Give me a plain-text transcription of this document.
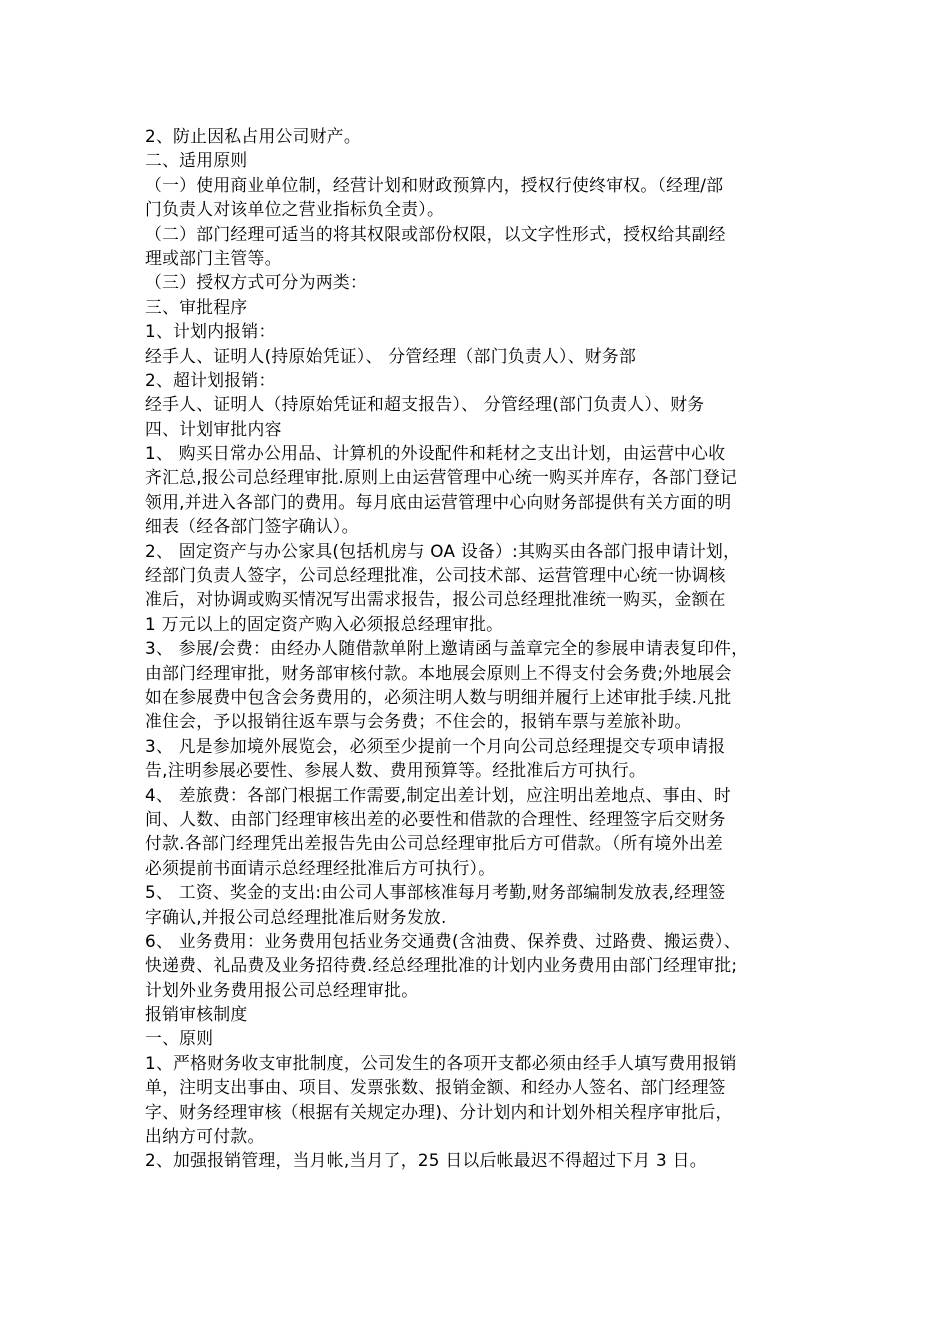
2、防止因私占用公司财产。
二、适用原则
（一）使用商业单位制，经营计划和财政预算内，授权行使终审权。（经理/部
门负责人对该单位之营业指标负全责）。
（二）部门经理可适当的将其权限或部份权限，以文字性形式，授权给其副经
理或部门主管等。
（三）授权方式可分为两类：
三、审批程序
1、计划内报销：
经手人、证明人(持原始凭证）、 分管经理（部门负责人）、财务部
2、超计划报销：
经手人、证明人（持原始凭证和超支报告）、 分管经理(部门负责人）、财务
四、计划审批内容
1、 购买日常办公用品、计算机的外设配件和耗材之支出计划，由运营中心收
齐汇总,报公司总经理审批.原则上由运营管理中心统一购买并库存，各部门登记
领用,并进入各部门的费用。每月底由运营管理中心向财务部提供有关方面的明
细表（经各部门签字确认）。
2、 固定资产与办公家具(包括机房与 OA 设备）:其购买由各部门报申请计划，
经部门负责人签字，公司总经理批准，公司技术部、运营管理中心统一协调核
准后，对协调或购买情况写出需求报告，报公司总经理批准统一购买，金额在
1 万元以上的固定资产购入必须报总经理审批。
3、 参展/会费：由经办人随借款单附上邀请函与盖章完全的参展申请表复印件，
由部门经理审批，财务部审核付款。本地展会原则上不得支付会务费;外地展会
如在参展费中包含会务费用的，必须注明人数与明细并履行上述审批手续.凡批
准住会，予以报销往返车票与会务费；不住会的，报销车票与差旅补助。
3、 凡是参加境外展览会，必须至少提前一个月向公司总经理提交专项申请报
告,注明参展必要性、参展人数、费用预算等。经批准后方可执行。
4、 差旅费：各部门根据工作需要,制定出差计划，应注明出差地点、事由、时
间、人数、由部门经理审核出差的必要性和借款的合理性、经理签字后交财务
付款.各部门经理凭出差报告先由公司总经理审批后方可借款。（所有境外出差
必须提前书面请示总经理经批准后方可执行）。
5、 工资、奖金的支出:由公司人事部核准每月考勤,财务部编制发放表,经理签
字确认,并报公司总经理批准后财务发放.
6、 业务费用：业务费用包括业务交通费(含油费、保养费、过路费、搬运费）、
快递费、礼品费及业务招待费.经总经理批准的计划内业务费用由部门经理审批;
计划外业务费用报公司总经理审批。
报销审核制度
一、原则
1、严格财务收支审批制度，公司发生的各项开支都必须由经手人填写费用报销
单，注明支出事由、项目、发票张数、报销金额、和经办人签名、部门经理签
字、财务经理审核（根据有关规定办理)、分计划内和计划外相关程序审批后，
出纳方可付款。
2、加强报销管理，当月帐,当月了，25 日以后帐最迟不得超过下月 3 日。
